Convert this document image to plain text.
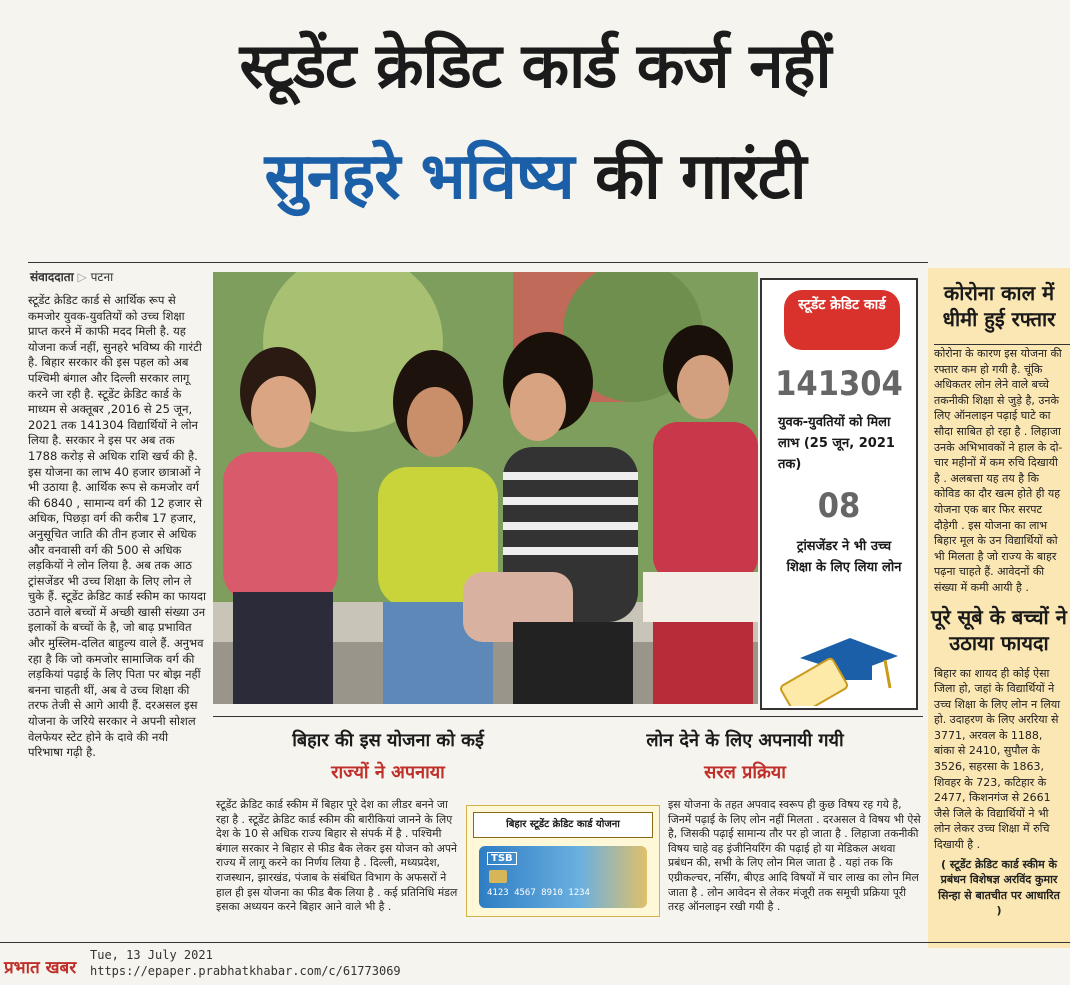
स्टूडेंट क्रेडिट कार्ड कर्ज नहीं
सुनहरे भविष्य की गारंटी
संवाददाता ▷ पटना
स्टूडेंट क्रेडिट कार्ड से आर्थिक रूप से कमजोर युवक-युवतियों को उच्च शिक्षा प्राप्त करने में काफी मदद मिली है. यह योजना कर्ज नहीं, सुनहरे भविष्य की गारंटी है. बिहार सरकार की इस पहल को अब पश्चिमी बंगाल और दिल्ली सरकार लागू करने जा रही है. स्टूडेंट क्रेडिट कार्ड के माध्यम से अक्तूबर ,2016 से 25 जून, 2021 तक 141304 विद्यार्थियों ने लोन लिया है. सरकार ने इस पर अब तक 1788 करोड़ से अधिक राशि खर्च की है. इस योजना का लाभ 40 हजार छात्राओं ने भी उठाया है. आर्थिक रूप से कमजोर वर्ग की 6840 , सामान्य वर्ग की 12 हजार से अधिक, पिछड़ा वर्ग की करीब 17 हजार, अनुसूचित जाति की तीन हजार से अधिक और वनवासी वर्ग की 500 से अधिक लड़कियों ने लोन लिया है. अब तक आठ ट्रांसजेंडर भी उच्च शिक्षा के लिए लोन ले चुके हैं. स्टूडेंट क्रेडिट कार्ड स्कीम का फायदा उठाने वाले बच्चों में अच्छी खासी संख्या उन इलाकों के बच्चों के है, जो बाढ़ प्रभावित और मुस्लिम-दलित बाहुल्य वाले हैं. अनुभव रहा है कि जो कमजोर सामाजिक वर्ग की लड़कियां पढ़ाई के लिए पिता पर बोझ नहीं बनना चाहती थीं, अब वे उच्च शिक्षा की तरफ तेजी से आगे आयी हैं. दरअसल इस योजना के जरिये सरकार ने अपनी सोशल वेलफेयर स्टेट होने के दावे की नयी परिभाषा गढ़ी है.
स्टूडेंट क्रेडिट कार्ड
141304
युवक-युवतियों को मिला लाभ (25 जून, 2021 तक)
08
ट्रांसजेंडर ने भी उच्च शिक्षा के लिए लिया लोन
कोरोना काल में धीमी हुई रफ्तार
कोरोना के कारण इस योजना की रफ्तार कम हो गयी है. चूंकि अधिकतर लोन लेने वाले बच्चे तकनीकी शिक्षा से जुड़े है, उनके लिए ऑनलाइन पढ़ाई घाटे का सौदा साबित हो रहा है . लिहाजा उनके अभिभावकों ने हाल के दो-चार महीनों में कम रुचि दिखायी है . अलबत्ता यह तय है कि कोविड का दौर खत्म होते ही यह योजना एक बार फिर सरपट दौड़ेगी . इस योजना का लाभ बिहार मूल के उन विद्यार्थियों को भी मिलता है जो राज्य के बाहर पढ़ना चाहते हैं. आवेदनों की संख्या में कमी आयी है .
पूरे सूबे के बच्चों ने उठाया फायदा
बिहार का शायद ही कोई ऐसा जिला हो, जहां के विद्यार्थियों ने उच्च शिक्षा के लिए लोन न लिया हो. उदाहरण के लिए अररिया से 3771, अरवल के 1188, बांका से 2410, सुपौल के 3526, सहरसा के 1863, शिवहर के 723, कटिहार के 2477, किशनगंज से 2661 जैसे जिले के विद्यार्थियों ने भी लोन लेकर उच्च शिक्षा में रुचि दिखायी है .
( स्टूडेंट क्रेडिट कार्ड स्कीम के प्रबंधन विशेषज्ञ अरविंद कुमार सिन्हा से बातचीत पर आधारित )
बिहार की इस योजना को कई
राज्यों ने अपनाया
लोन देने के लिए अपनायी गयी
सरल प्रक्रिया
स्टूडेंट क्रेडिट कार्ड स्कीम में बिहार पूरे देश का लीडर बनने जा रहा है . स्टूडेंट क्रेडिट कार्ड स्कीम की बारीकियां जानने के लिए देश के 10 से अधिक राज्य बिहार से संपर्क में है . पश्चिमी बंगाल सरकार ने बिहार से फीड बैक लेकर इस योजन को अपने राज्य में लागू करने का निर्णय लिया है . दिल्ली, मध्यप्रदेश, राजस्थान, झारखंड, पंजाब के संबंधित विभाग के अफसरों ने हाल ही इस योजना का फीड बैक लिया है . कई प्रतिनिधि मंडल इसका अध्ययन करने बिहार आने वाले भी है .
बिहार स्टूडेंट क्रेडिट कार्ड योजना
TSB
4123 4567 8910 1234
इस योजना के तहत अपवाद स्वरूप ही कुछ विषय रह गये है, जिनमें पढ़ाई के लिए लोन नहीं मिलता . दरअसल वे विषय भी ऐसे है, जिसकी पढ़ाई सामान्य तौर पर हो जाता है . लिहाजा तकनीकी विषय चाहे वह इंजीनियरिंग की पढ़ाई हो या मेडिकल अथवा प्रबंधन की, सभी के लिए लोन मिल जाता है . यहां तक कि एग्रीकल्चर, नर्सिंग, बीएड आदि विषयों में चार लाख का लोन मिल जाता है . लोन आवेदन से लेकर मंजूरी तक समूची प्रक्रिया पूरी तरह ऑनलाइन रखी गयी है .
प्रभात खबर
Tue, 13 July 2021
https://epaper.prabhatkhabar.com/c/61773069
